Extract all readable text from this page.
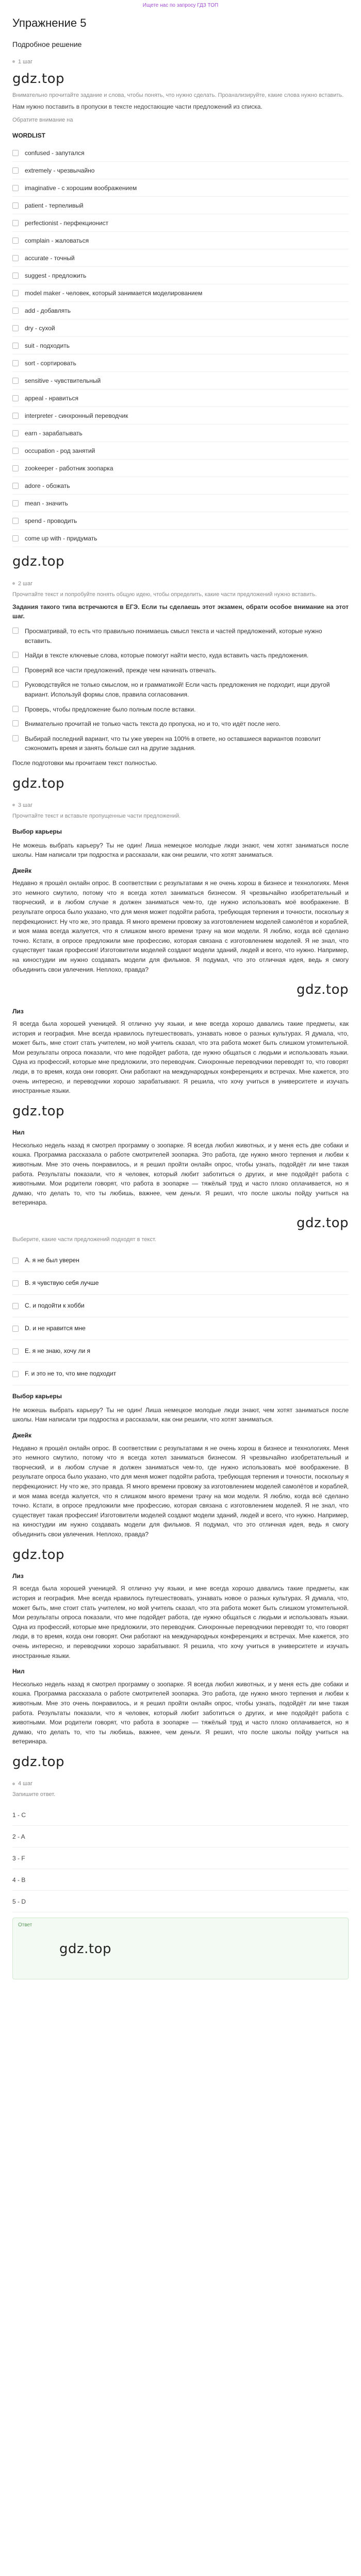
Ищете нас по запросу ГДЗ ТОП
Упражнение 5
Подробное решение
1 шаг
gdz.top
Внимательно прочитайте задание и слова, чтобы понять, что нужно сделать. Проанализируйте, какие слова нужно вставить.
Нам нужно поставить в пропуски в тексте недостающие части предложений из списка.
Обратите внимание на
WORDLIST
confused - запутался
extremely - чрезвычайно
imaginative - с хорошим воображением
patient - терпеливый
perfectionist - перфекционист
complain - жаловаться
accurate - точный
suggest - предложить
model maker - человек, который занимается моделированием
add - добавлять
dry - сухой
suit - подходить
sort - сортировать
sensitive - чувствительный
appeal - нравиться
interpreter - синхронный переводчик
earn - зарабатывать
occupation - род занятий
zookeeper - работник зоопарка
adore - обожать
mean - значить
spend - проводить
come up with - придумать
gdz.top
2 шаг
Прочитайте текст и попробуйте понять общую идею, чтобы определить, какие части предложений нужно вставить.
Задания такого типа встречаются в ЕГЭ. Если ты сделаешь этот экзамен, обрати особое внимание на этот шаг.
Просматривай, то есть что правильно понимаешь смысл текста и частей предложений, которые нужно вставить.
Найди в тексте ключевые слова, которые помогут найти место, куда вставить часть предложения.
Проверяй все части предложений, прежде чем начинать отвечать.
Руководствуйся не только смыслом, но и грамматикой! Если часть предложения не подходит, ищи другой вариант. Используй формы слов, правила согласования.
Проверь, чтобы предложение было полным после вставки.
Внимательно прочитай не только часть текста до пропуска, но и то, что идёт после него.
Выбирай последний вариант, что ты уже уверен на 100% в ответе, но оставшиеся вариантов позволит сэкономить время и занять больше сил на другие задания.
После подготовки мы прочитаем текст полностью.
gdz.top
3 шаг
Прочитайте текст и вставьте пропущенные части предложений.
Выбор карьеры
Не можешь выбрать карьеру? Ты не один! Лиша немецкое молодые люди знают, чем хотят заниматься после школы. Нам написали три подростка и рассказали, как они решили, что хотят заниматься.
Джейк
Недавно я прошёл онлайн опрос. В соответствии с результатами я не очень хорош в бизнесе и технологиях. Меня это немного смутило, потому что я всегда хотел заниматься бизнесом. Я чрезвычайно изобретательный и творческий, и в любом случае я должен заниматься чем-то, где нужно использовать моё воображение. В результате опроса было указано, что для меня может подойти работа, требующая терпения и точности, поскольку я перфекционист. Ну что же, это правда. Я много времени провожу за изготовлением моделей самолётов и кораблей, и моя мама всегда жалуется, что я слишком много времени трачу на мои модели. Я люблю, когда всё сделано точно. Кстати, в опросе предложили мне профессию, которая связана с изготовлением моделей. Я не знал, что существует такая профессия! Изготовители моделей создают модели зданий, людей и всего, что нужно. Например, на киностудии им нужно создавать модели для фильмов. Я подумал, что это отличная идея, ведь я смогу объединить свои увлечения. Неплохо, правда?
gdz.top
Лиз
Я всегда была хорошей ученицей. Я отлично учу языки, и мне всегда хорошо давались такие предметы, как история и география. Мне всегда нравилось путешествовать, узнавать новое о разных культурах. Я думала, что, может быть, мне стоит стать учителем, но мой учитель сказал, что эта работа может быть слишком утомительной. Мои результаты опроса показали, что мне подойдет работа, где нужно общаться с людьми и использовать языки. Одна из профессий, которые мне предложили, это переводчик. Синхронные переводчики переводят то, что говорят люди, в то время, когда они говорят. Они работают на международных конференциях и встречах. Мне кажется, это очень интересно, и переводчики хорошо зарабатывают. Я решила, что хочу учиться в университете и изучать иностранные языки.
gdz.top
Нил
Несколько недель назад я смотрел программу о зоопарке. Я всегда любил животных, и у меня есть две собаки и кошка. Программа рассказала о работе смотрителей зоопарка. Это работа, где нужно много терпения и любви к животным. Мне это очень понравилось, и я решил пройти онлайн опрос, чтобы узнать, подойдёт ли мне такая работа. Результаты показали, что я человек, который любит заботиться о других, и мне подойдёт работа с животными. Мои родители говорят, что работа в зоопарке — тяжёлый труд и часто плохо оплачивается, но я думаю, что делать то, что ты любишь, важнее, чем деньги. Я решил, что после школы пойду учиться на ветеринара.
gdz.top
Выберите, какие части предложений подходят в текст.
A. я не был уверен
B. я чувствую себя лучше
C. и подойти к хобби
D. и не нравится мне
E. я не знаю, хочу ли я
F. и это не то, что мне подходит
Выбор карьеры
Не можешь выбрать карьеру? Ты не один! Лиша немецкое молодые люди знают, чем хотят заниматься после школы. Нам написали три подростка и рассказали, как они решили, что хотят заниматься.
Джейк
Недавно я прошёл онлайн опрос. В соответствии с результатами я не очень хорош в бизнесе и технологиях. Меня это немного смутило, потому что я всегда хотел заниматься бизнесом. Я чрезвычайно изобретательный и творческий, и в любом случае я должен заниматься чем-то, где нужно использовать моё воображение. В результате опроса было указано, что для меня может подойти работа, требующая терпения и точности, поскольку я перфекционист. Ну что же, это правда. Я много времени провожу за изготовлением моделей самолётов и кораблей, и моя мама всегда жалуется, что я слишком много времени трачу на мои модели. Я люблю, когда всё сделано точно. Кстати, в опросе предложили мне профессию, которая связана с изготовлением моделей. Я не знал, что существует такая профессия! Изготовители моделей создают модели зданий, людей и всего, что нужно. Например, на киностудии им нужно создавать модели для фильмов. Я подумал, что это отличная идея, ведь я смогу объединить свои увлечения. Неплохо, правда?
gdz.top
Лиз
Я всегда была хорошей ученицей. Я отлично учу языки, и мне всегда хорошо давались такие предметы, как история и география. Мне всегда нравилось путешествовать, узнавать новое о разных культурах. Я думала, что, может быть, мне стоит стать учителем, но мой учитель сказал, что эта работа может быть слишком утомительной. Мои результаты опроса показали, что мне подойдет работа, где нужно общаться с людьми и использовать языки. Одна из профессий, которые мне предложили, это переводчик. Синхронные переводчики переводят то, что говорят люди, в то время, когда они говорят. Они работают на международных конференциях и встречах. Мне кажется, это очень интересно, и переводчики хорошо зарабатывают. Я решила, что хочу учиться в университете и изучать иностранные языки.
Нил
Несколько недель назад я смотрел программу о зоопарке. Я всегда любил животных, и у меня есть две собаки и кошка. Программа рассказала о работе смотрителей зоопарка. Это работа, где нужно много терпения и любви к животным. Мне это очень понравилось, и я решил пройти онлайн опрос, чтобы узнать, подойдёт ли мне такая работа. Результаты показали, что я человек, который любит заботиться о других, и мне подойдёт работа с животными. Мои родители говорят, что работа в зоопарке — тяжёлый труд и часто плохо оплачивается, но я думаю, что делать то, что ты любишь, важнее, чем деньги. Я решил, что после школы пойду учиться на ветеринара.
gdz.top
4 шаг
Запишите ответ.
1 - C
2 - A
3 - F
4 - B
5 - D
Ответ
gdz.top
